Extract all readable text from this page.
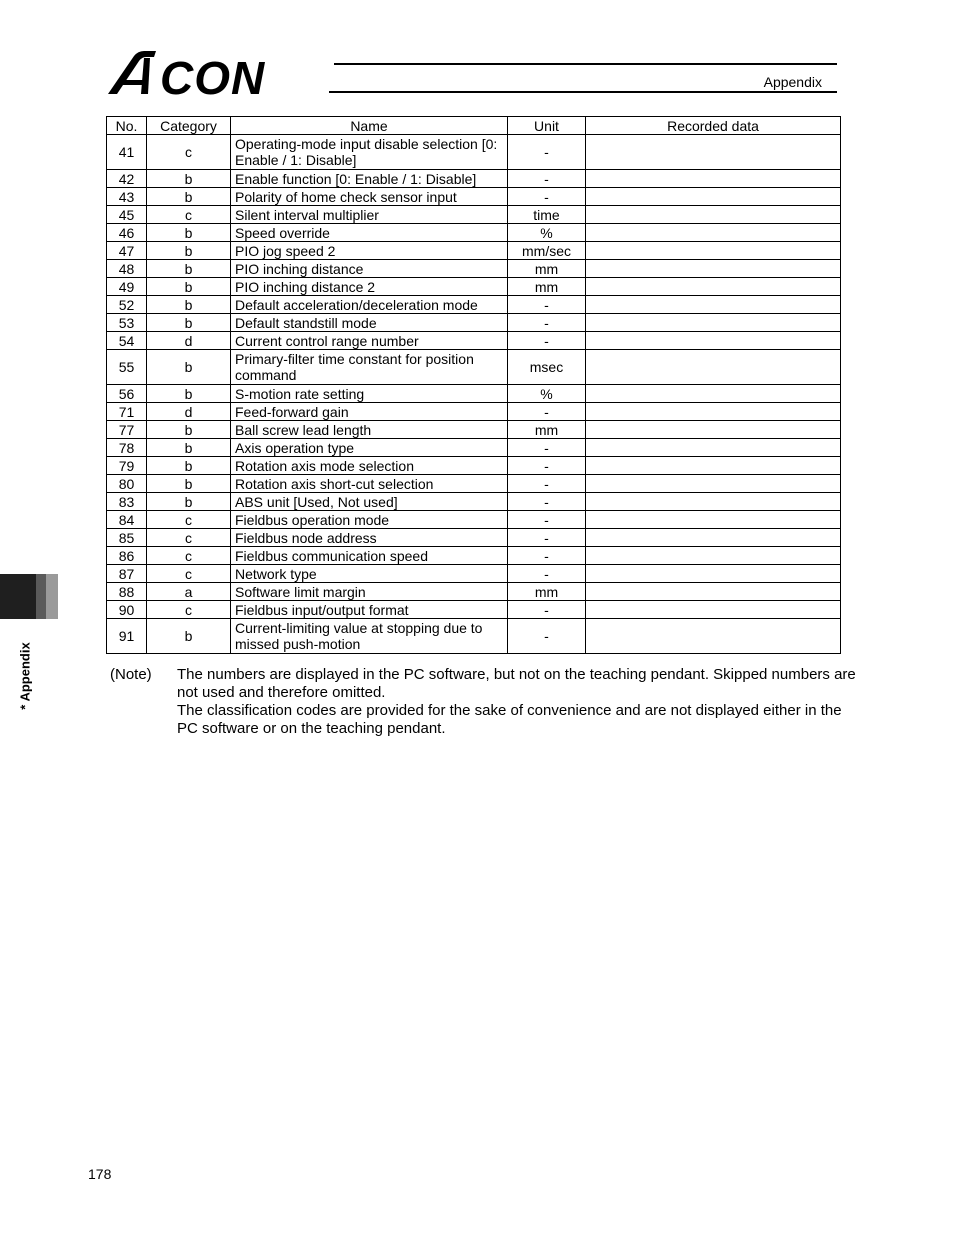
CON	Appendix
* Appendix
No.	Category	Name	Unit	Recorded data
41	c	Operating-mode input disable selection [0: Enable / 1: Disable]	-	
42	b	Enable function [0: Enable / 1: Disable]	-	
43	b	Polarity of home check sensor input	-	
45	c	Silent interval multiplier	time	
46	b	Speed override	%	
47	b	PIO jog speed 2	mm/sec	
48	b	PIO inching distance	mm	
49	b	PIO inching distance 2	mm	
52	b	Default acceleration/deceleration mode	-	
53	b	Default standstill mode	-	
54	d	Current control range number	-	
55	b	Primary-filter time constant for position command	msec	
56	b	S-motion rate setting	%	
71	d	Feed-forward gain	-	
77	b	Ball screw lead length	mm	
78	b	Axis operation type	-	
79	b	Rotation axis mode selection	-	
80	b	Rotation axis short-cut selection	-	
83	b	ABS unit [Used, Not used]	-	
84	c	Fieldbus operation mode	-	
85	c	Fieldbus node address	-	
86	c	Fieldbus communication speed	-	
87	c	Network type	-	
88	a	Software limit margin	mm	
90	c	Fieldbus input/output format	-	
91	b	Current-limiting value at stopping due to missed push-motion	-	
(Note) The numbers are displayed in the PC software, but not on the teaching pendant. Skipped numbers are not used and therefore omitted.

The classification codes are provided for the sake of convenience and are not displayed either in the PC software or on the teaching pendant.

178
